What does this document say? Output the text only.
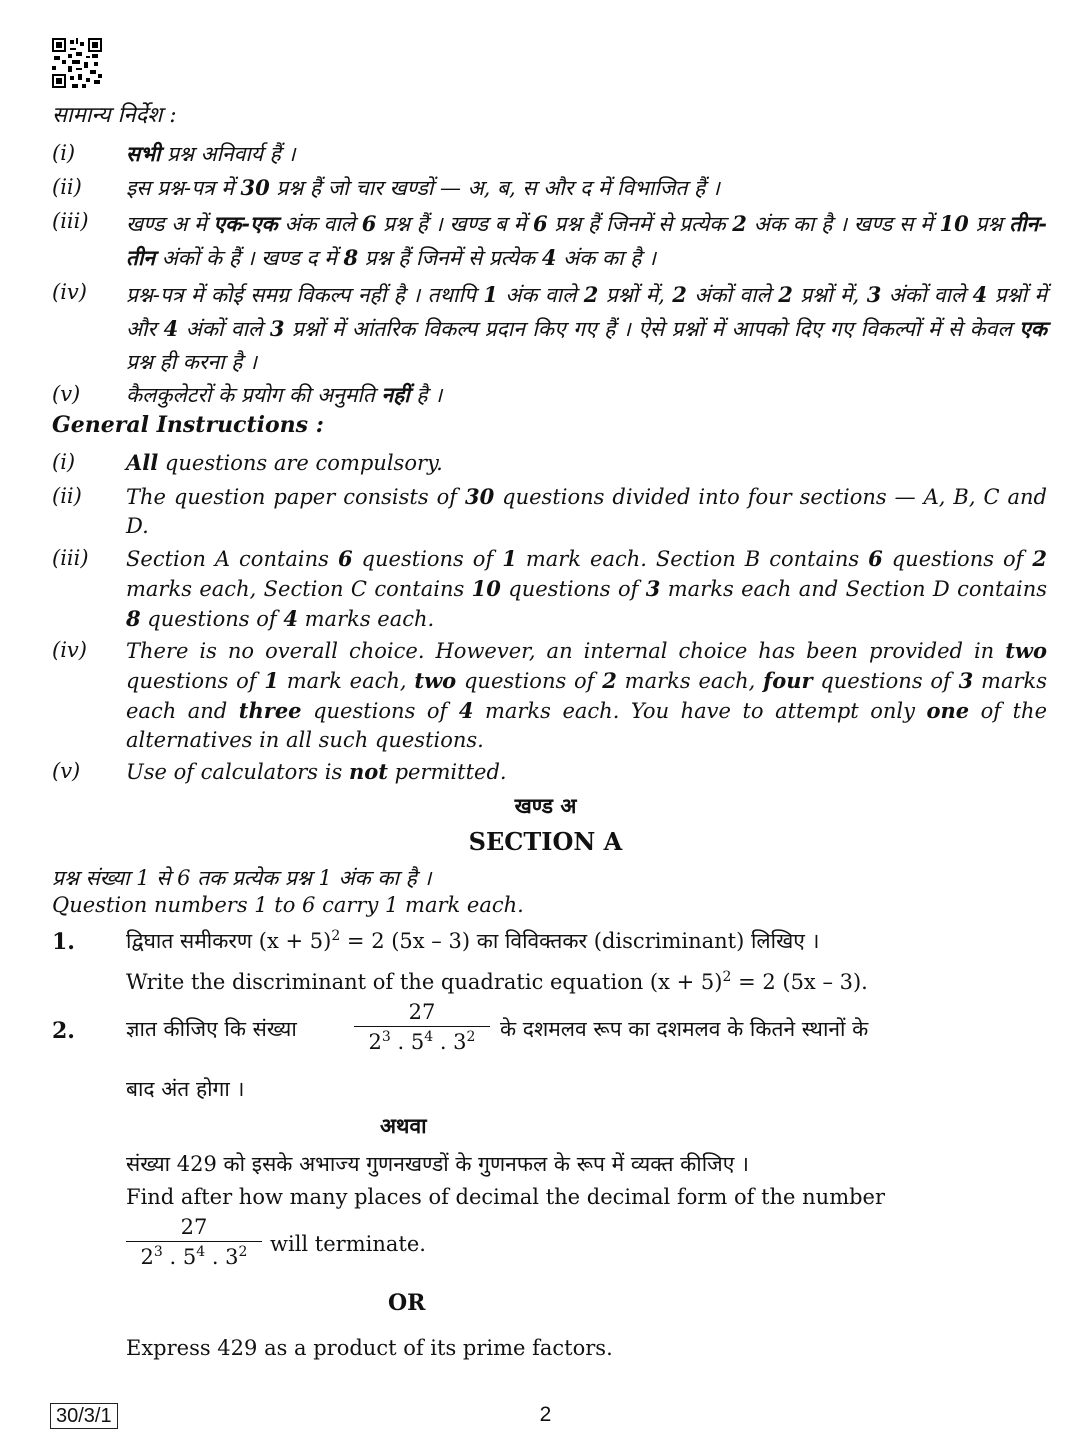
सामान्य निर्देश :
(i) सभी प्रश्न अनिवार्य हैं ।
(ii) इस प्रश्न-पत्र में 30 प्रश्न हैं जो चार खण्डों — अ, ब, स और द में विभाजित हैं ।
(iii) खण्ड अ में एक-एक अंक वाले 6 प्रश्न हैं । खण्ड ब में 6 प्रश्न हैं जिनमें से प्रत्येक 2 अंक का है । खण्ड स में 10 प्रश्न तीन-तीन अंकों के हैं । खण्ड द में 8 प्रश्न हैं जिनमें से प्रत्येक 4 अंक का है ।
(iv) प्रश्न-पत्र में कोई समग्र विकल्प नहीं है । तथापि 1 अंक वाले 2 प्रश्नों में, 2 अंकों वाले 2 प्रश्नों में, 3 अंकों वाले 4 प्रश्नों में और 4 अंकों वाले 3 प्रश्नों में आंतरिक विकल्प प्रदान किए गए हैं । ऐसे प्रश्नों में आपको दिए गए विकल्पों में से केवल एक प्रश्न ही करना है ।
(v) कैलकुलेटरों के प्रयोग की अनुमति नहीं है ।
General Instructions :
(i) All questions are compulsory.
(ii) The question paper consists of 30 questions divided into four sections — A, B, C and D.
(iii) Section A contains 6 questions of 1 mark each. Section B contains 6 questions of 2 marks each, Section C contains 10 questions of 3 marks each and Section D contains 8 questions of 4 marks each.
(iv) There is no overall choice. However, an internal choice has been provided in two questions of 1 mark each, two questions of 2 marks each, four questions of 3 marks each and three questions of 4 marks each. You have to attempt only one of the alternatives in all such questions.
(v) Use of calculators is not permitted.
खण्ड अ
SECTION A
प्रश्न संख्या 1 से 6 तक प्रत्येक प्रश्न 1 अंक का है ।
Question numbers 1 to 6 carry 1 mark each.
1. द्विघात समीकरण $(x + 5)^2 = 2$ (5x – 3) का विविक्तकर (discriminant) लिखिए ।
Write the discriminant of the quadratic equation $(x + 5)^2 = 2$ (5x – 3).
2. ज्ञात कीजिए कि संख्या
27
$2^3$ . $5^4$ . $3^2$	के दशमलव रूप का दशमलव के कितने स्थानों के
बाद अंत होगा ।
अथवा
संख्या 429 को इसके अभाज्य गुणनखण्डों के गुणनफल के रूप में व्यक्त कीजिए ।
Find after how many places of decimal the decimal form of the number
27
$2^3$ . $5^4$ . $3^2$	will terminate.
OR
Express 429 as a product of its prime factors.
30/3/1	2
